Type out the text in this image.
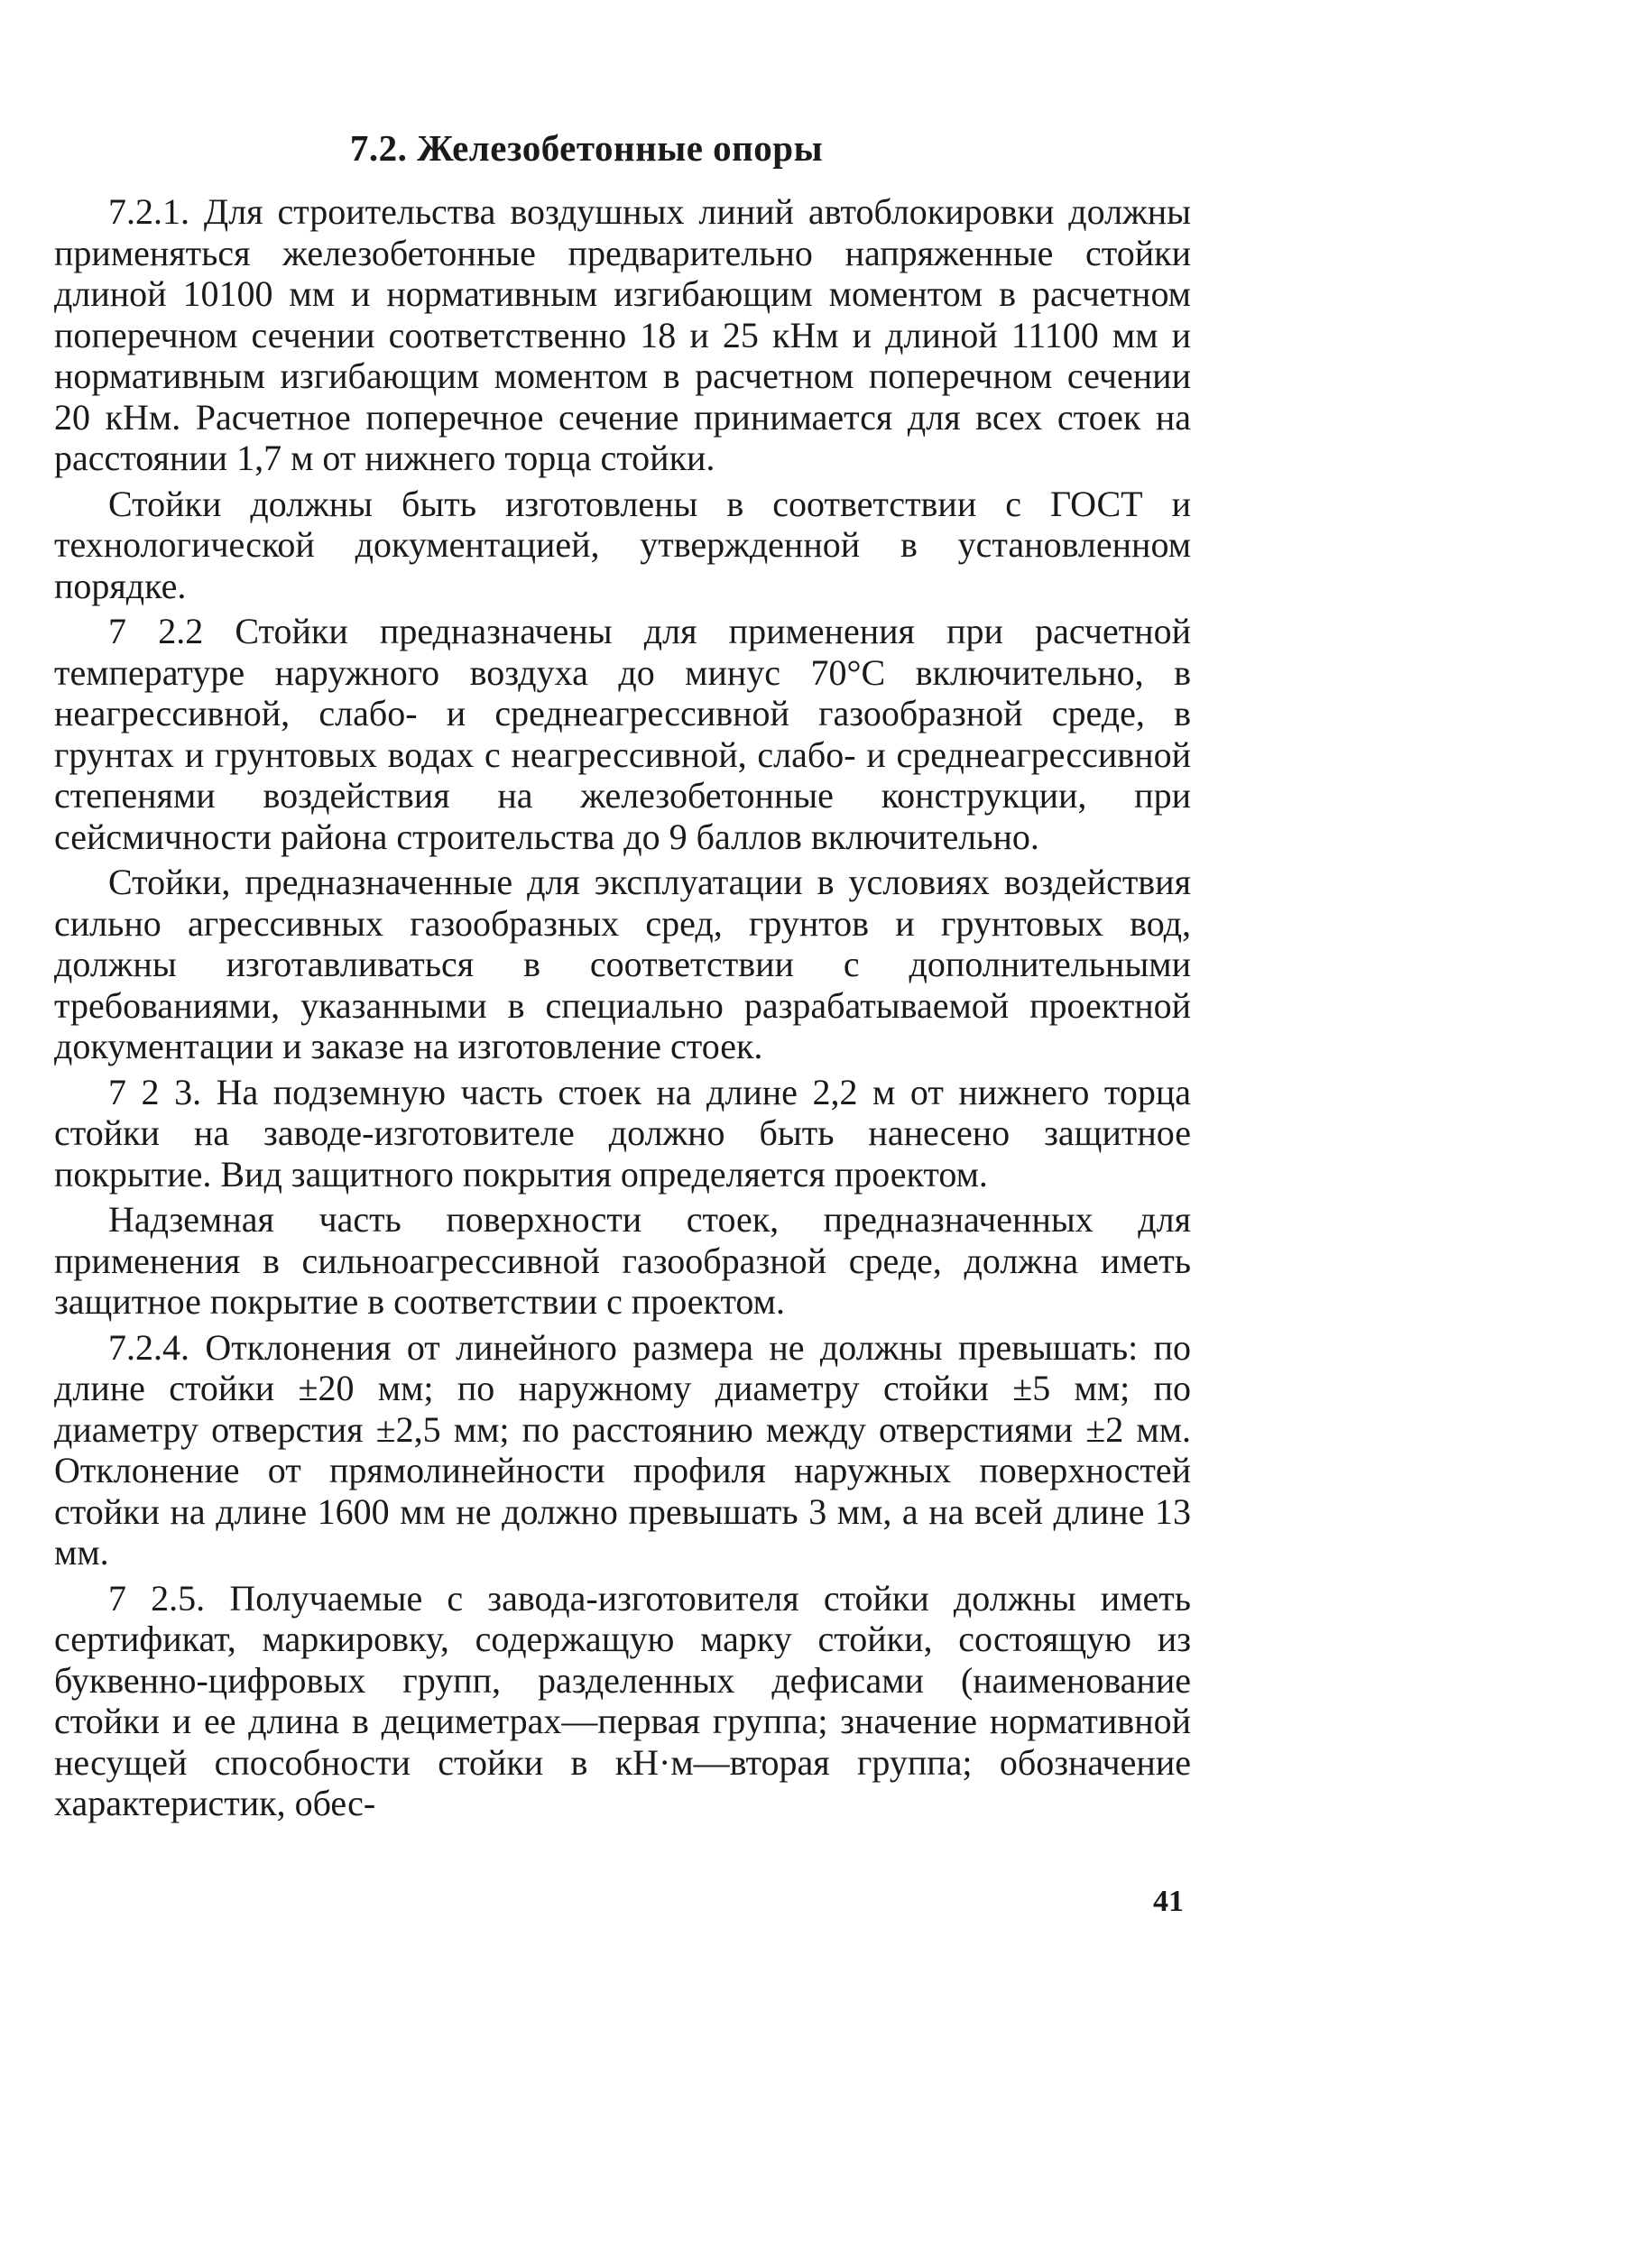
7.2. Железобетонные опоры

7.2.1. Для строительства воздушных линий автоблокировки должны применяться железобетонные предварительно напряженные стойки длиной 10100 мм и нормативным изгибающим моментом в расчетном поперечном сечении соответственно 18 и 25 кНм и длиной 11100 мм и нормативным изгибающим моментом в расчетном поперечном сечении 20 кНм. Расчетное поперечное сечение принимается для всех стоек на расстоянии 1,7 м от нижнего торца стойки.

Стойки должны быть изготовлены в соответствии с ГОСТ и технологической документацией, утвержденной в установленном порядке.

7 2.2 Стойки предназначены для применения при расчетной температуре наружного воздуха до минус 70°С включительно, в неагрессивной, слабо- и среднеагрессивной газообразной среде, в грунтах и грунтовых водах с неагрессивной, слабо- и среднеагрессивной степенями воздействия на железобетонные конструкции, при сейсмичности района строительства до 9 баллов включительно.

Стойки, предназначенные для эксплуатации в условиях воздействия сильно агрессивных газообразных сред, грунтов и грунтовых вод, должны изготавливаться в соответствии с дополнительными требованиями, указанными в специально разрабатываемой проектной документации и заказе на изготовление стоек.

7 2 3. На подземную часть стоек на длине 2,2 м от нижнего торца стойки на заводе-изготовителе должно быть нанесено защитное покрытие. Вид защитного покрытия определяется проектом.

Надземная часть поверхности стоек, предназначенных для применения в сильноагрессивной газообразной среде, должна иметь защитное покрытие в соответствии с проектом.

7.2.4. Отклонения от линейного размера не должны превышать: по длине стойки ±20 мм; по наружному диаметру стойки ±5 мм; по диаметру отверстия ±2,5 мм; по расстоянию между отверстиями ±2 мм. Отклонение от прямолинейности профиля наружных поверхностей стойки на длине 1600 мм не должно превышать 3 мм, а на всей длине 13 мм.

7 2.5. Получаемые с завода-изготовителя стойки должны иметь сертификат, маркировку, содержащую марку стойки, состоящую из буквенно-цифровых групп, разделенных дефисами (наименование стойки и ее длина в дециметрах—первая группа; значение нормативной несущей способности стойки в кН·м—вторая группа; обозначение характеристик, обес-

41
